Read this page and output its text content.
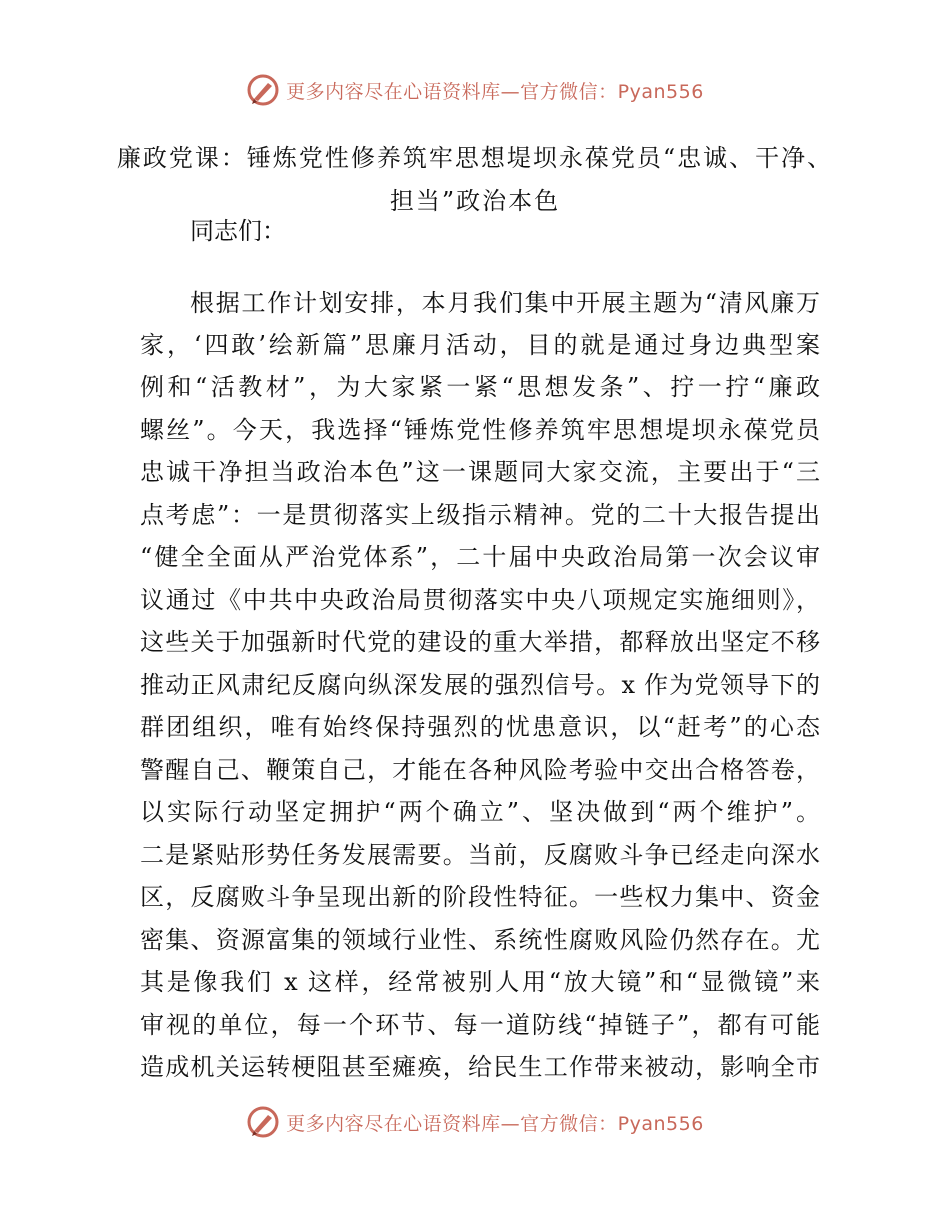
更多内容尽在心语资料库—官方微信：Pyan556
廉政党课：锤炼党性修养筑牢思想堤坝永葆党员“忠诚、干净、
担当”政治本色
同志们：
根据工作计划安排，本月我们集中开展主题为“清风廉万
家，‘四敢’绘新篇”思廉月活动，目的就是通过身边典型案
例和“活教材”，为大家紧一紧“思想发条”、拧一拧“廉政
螺丝”。今天，我选择“锤炼党性修养筑牢思想堤坝永葆党员
忠诚干净担当政治本色”这一课题同大家交流，主要出于“三
点考虑”：一是贯彻落实上级指示精神。党的二十大报告提出
“健全全面从严治党体系”，二十届中央政治局第一次会议审
议通过《中共中央政治局贯彻落实中央八项规定实施细则》，
这些关于加强新时代党的建设的重大举措，都释放出坚定不移
推动正风肃纪反腐向纵深发展的强烈信号。x 作为党领导下的
群团组织，唯有始终保持强烈的忧患意识，以“赶考”的心态
警醒自己、鞭策自己，才能在各种风险考验中交出合格答卷，
以实际行动坚定拥护“两个确立”、坚决做到“两个维护”。
二是紧贴形势任务发展需要。当前，反腐败斗争已经走向深水
区，反腐败斗争呈现出新的阶段性特征。一些权力集中、资金
密集、资源富集的领域行业性、系统性腐败风险仍然存在。尤
其是像我们 x 这样，经常被别人用“放大镜”和“显微镜”来
审视的单位，每一个环节、每一道防线“掉链子”，都有可能
造成机关运转梗阻甚至瘫痪，给民生工作带来被动，影响全市
更多内容尽在心语资料库—官方微信：Pyan556
